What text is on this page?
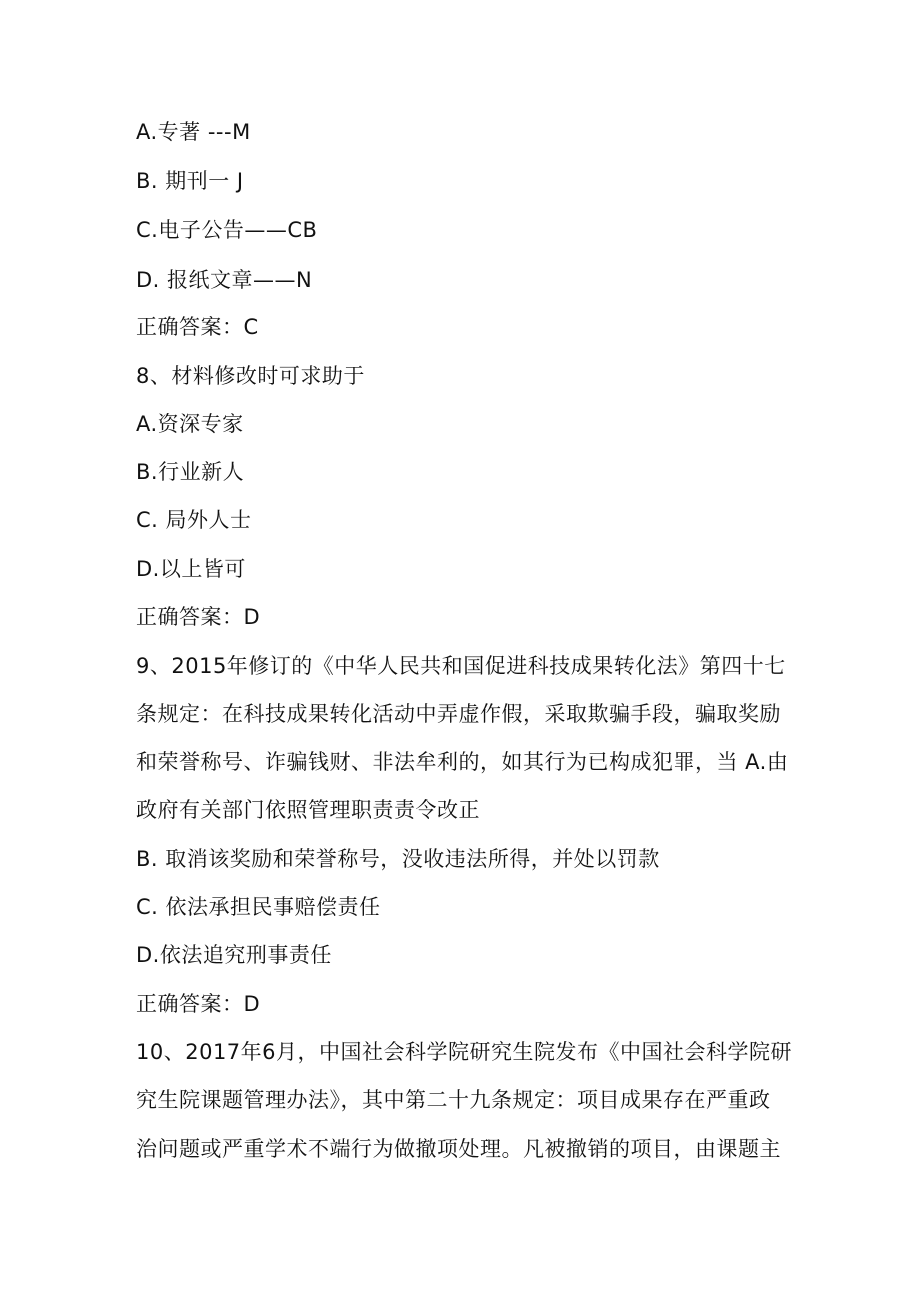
A.专著 ---M
B. 期刊一 J
C.电子公告——CB
D. 报纸文章——N
正确答案：C
8、材料修改时可求助于
A.资深专家
B.行业新人
C. 局外人士
D.以上皆可
正确答案：D
9、2015年修订的《中华人民共和国促进科技成果转化法》第四十七
条规定：在科技成果转化活动中弄虚作假，采取欺骗手段，骗取奖励
和荣誉称号、诈骗钱财、非法牟利的，如其行为已构成犯罪，当 A.由
政府有关部门依照管理职责责令改正
B. 取消该奖励和荣誉称号，没收违法所得，并处以罚款
C. 依法承担民事赔偿责任
D.依法追究刑事责任
正确答案：D
10、2017年6月，中国社会科学院研究生院发布《中国社会科学院研
究生院课题管理办法》，其中第二十九条规定：项目成果存在严重政
治问题或严重学术不端行为做撤项处理。凡被撤销的项目，由课题主
